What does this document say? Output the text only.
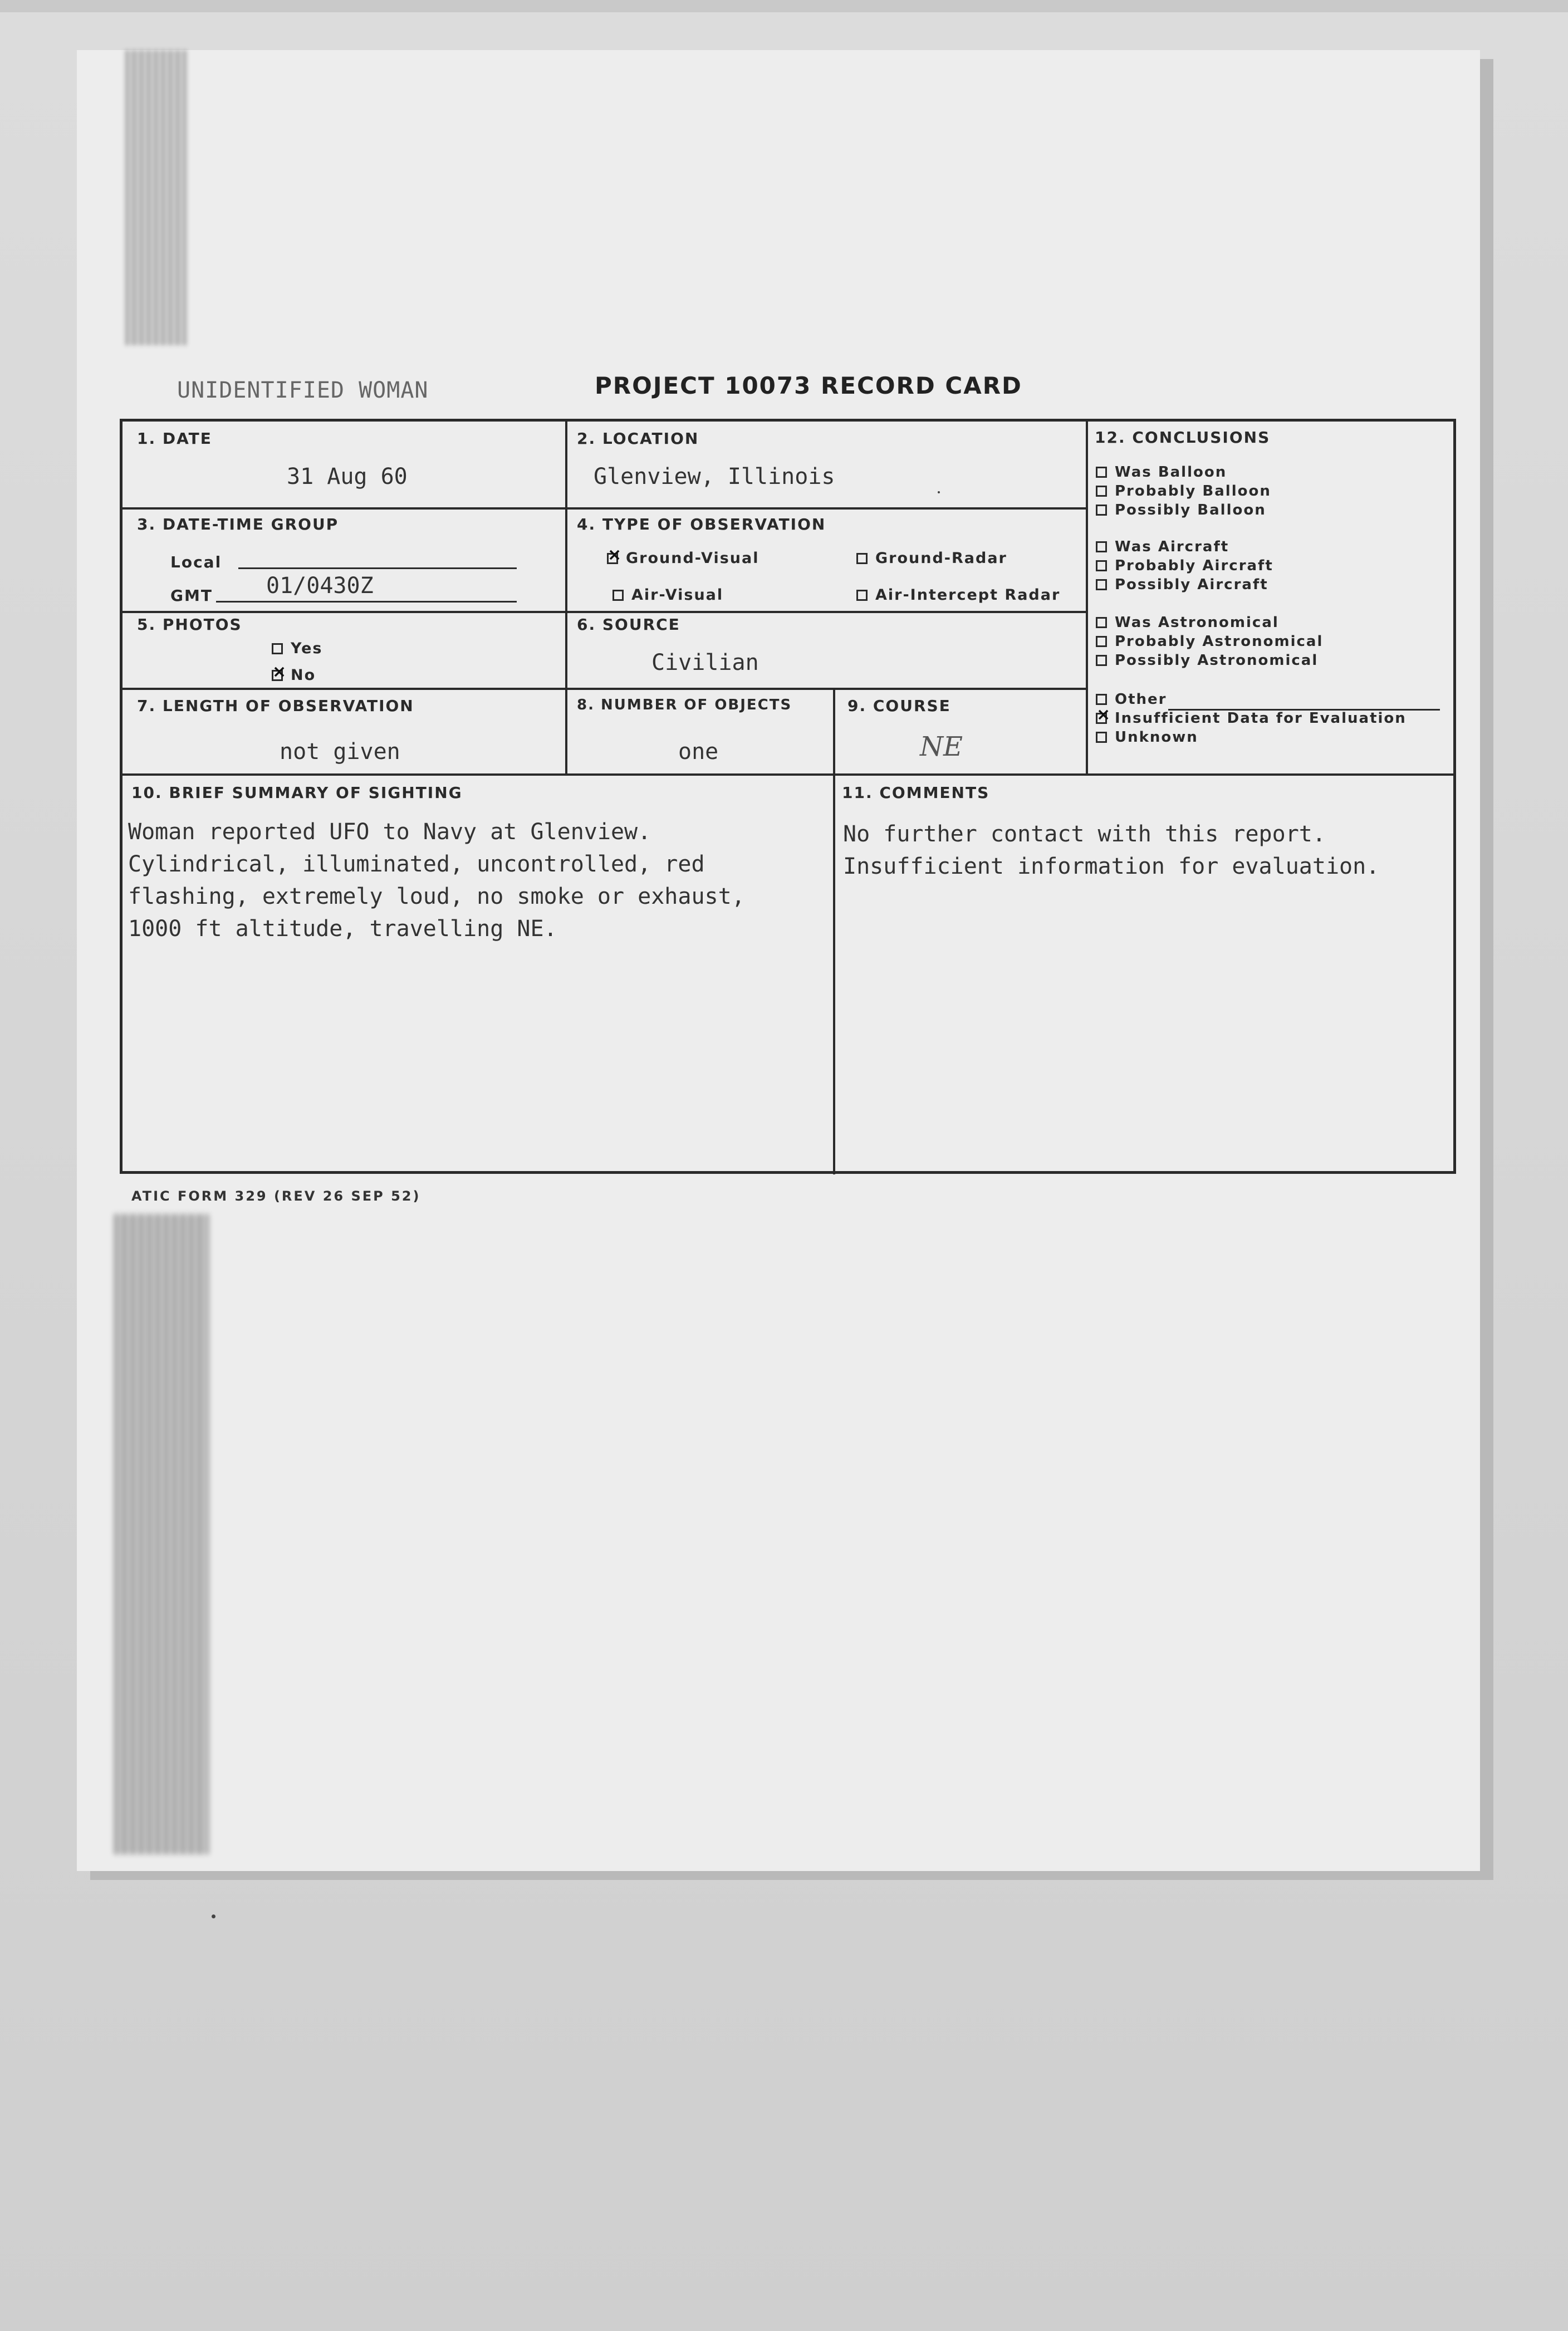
UNIDENTIFIED WOMAN	PROJECT 10073 RECORD CARD
1. DATE
31 Aug 60
2. LOCATION
Glenview, Illinois
3. DATE-TIME GROUP
Local
GMT 01/0430Z
4. TYPE OF OBSERVATION
×
Ground-Visual	Ground-Radar
Air-Visual	Air-Intercept Radar
5. PHOTOS
Yes
×
No
6. SOURCE
Civilian
7. LENGTH OF OBSERVATION
not given
8. NUMBER OF OBJECTS
one
9. COURSE
NE
10. BRIEF SUMMARY OF SIGHTING
Woman reported UFO to Navy at Glenview.
Cylindrical, illuminated, uncontrolled, red
flashing, extremely loud, no smoke or exhaust,
1000 ft altitude, travelling NE.
11. COMMENTS
No further contact with this report.
Insufficient information for evaluation.
12. CONCLUSIONS
Was Balloon
Probably Balloon
Possibly Balloon
Was Aircraft
Probably Aircraft
Possibly Aircraft
Was Astronomical
Probably Astronomical
Possibly Astronomical
Other
×
Insufficient Data for Evaluation
Unknown
ATIC FORM 329 (REV 26 SEP 52)
